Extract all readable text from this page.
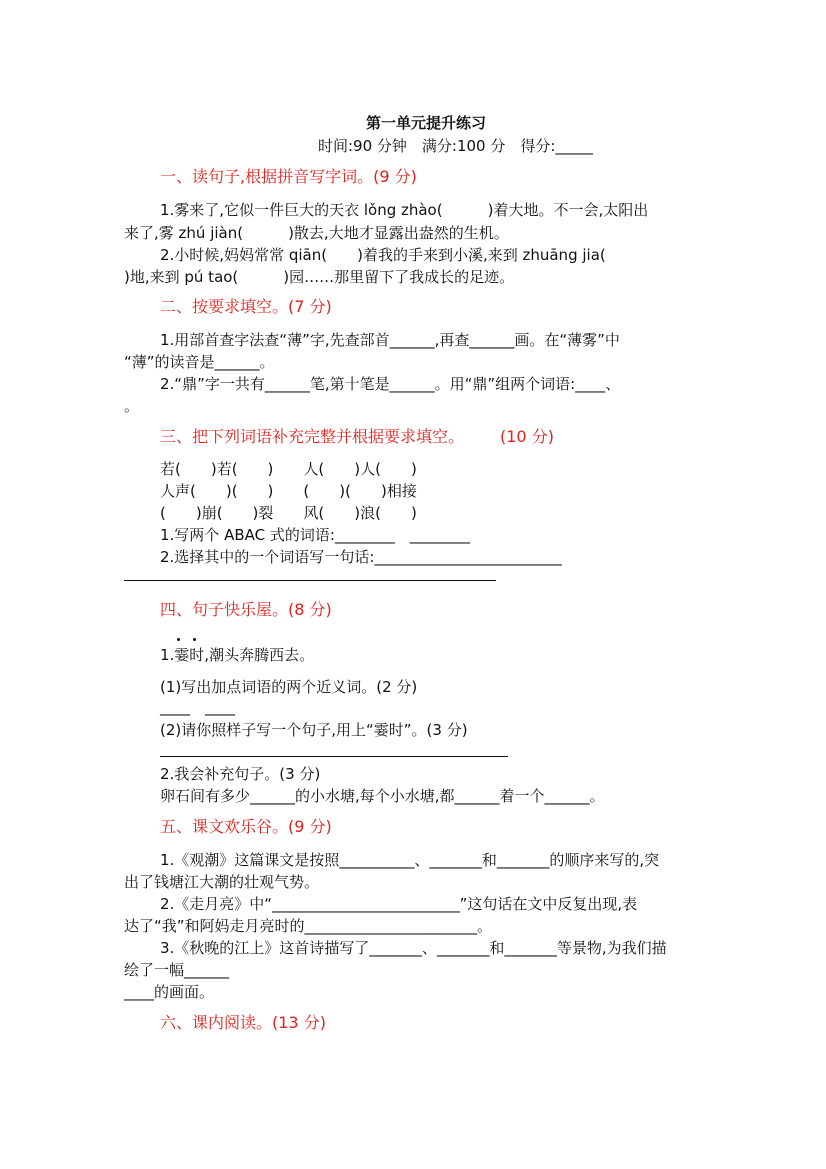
第一单元提升练习
时间:90 分钟　满分:100 分　得分:_____
一、读句子,根据拼音写字词。(9 分)
1.雾来了,它似一件巨大的天衣 lǒng zhào(　　　)着大地。不一会,太阳出
来了,雾 zhú jiàn(　　　)散去,大地才显露出盎然的生机。
2.小时候,妈妈常常 qiān(　　)着我的手来到小溪,来到 zhuāng jia(
)地,来到 pú tao(　　　)园……那里留下了我成长的足迹。
二、按要求填空。(7 分)
1.用部首查字法查“薄”字,先查部首______,再查______画。在“薄雾”中
“薄”的读音是______。
2.“鼎”字一共有______笔,第十笔是______。用“鼎”组两个词语:____、
。
三、把下列词语补充完整并根据要求填空。 (10 分)
若(　　)若(　　)　　人(　　)人(　　)
人声(　　)(　　)　　(　　)(　　)相接
(　　)崩(　　)裂　　风(　　)浪(　　)
1.写两个 ABAC 式的词语:________　________
2.选择其中的一个词语写一句话:_________________________
四、句子快乐屋。(8 分)
1.霎时,潮头奔腾西去。
(1)写出加点词语的两个近义词。(2 分)
____　____
(2)请你照样子写一个句子,用上“霎时”。(3 分)
2.我会补充句子。(3 分)
卵石间有多少______的小水塘,每个小水塘,都______着一个______。
五、课文欢乐谷。(9 分)
1.《观潮》这篇课文是按照__________、_______和_______的顺序来写的,突
出了钱塘江大潮的壮观气势。
2.《走月亮》中“_________________________”这句话在文中反复出现,表
达了“我”和阿妈走月亮时的_______________________。
3.《秋晚的江上》这首诗描写了_______、_______和_______等景物,为我们描
绘了一幅______
____的画面。
六、课内阅读。(13 分)
